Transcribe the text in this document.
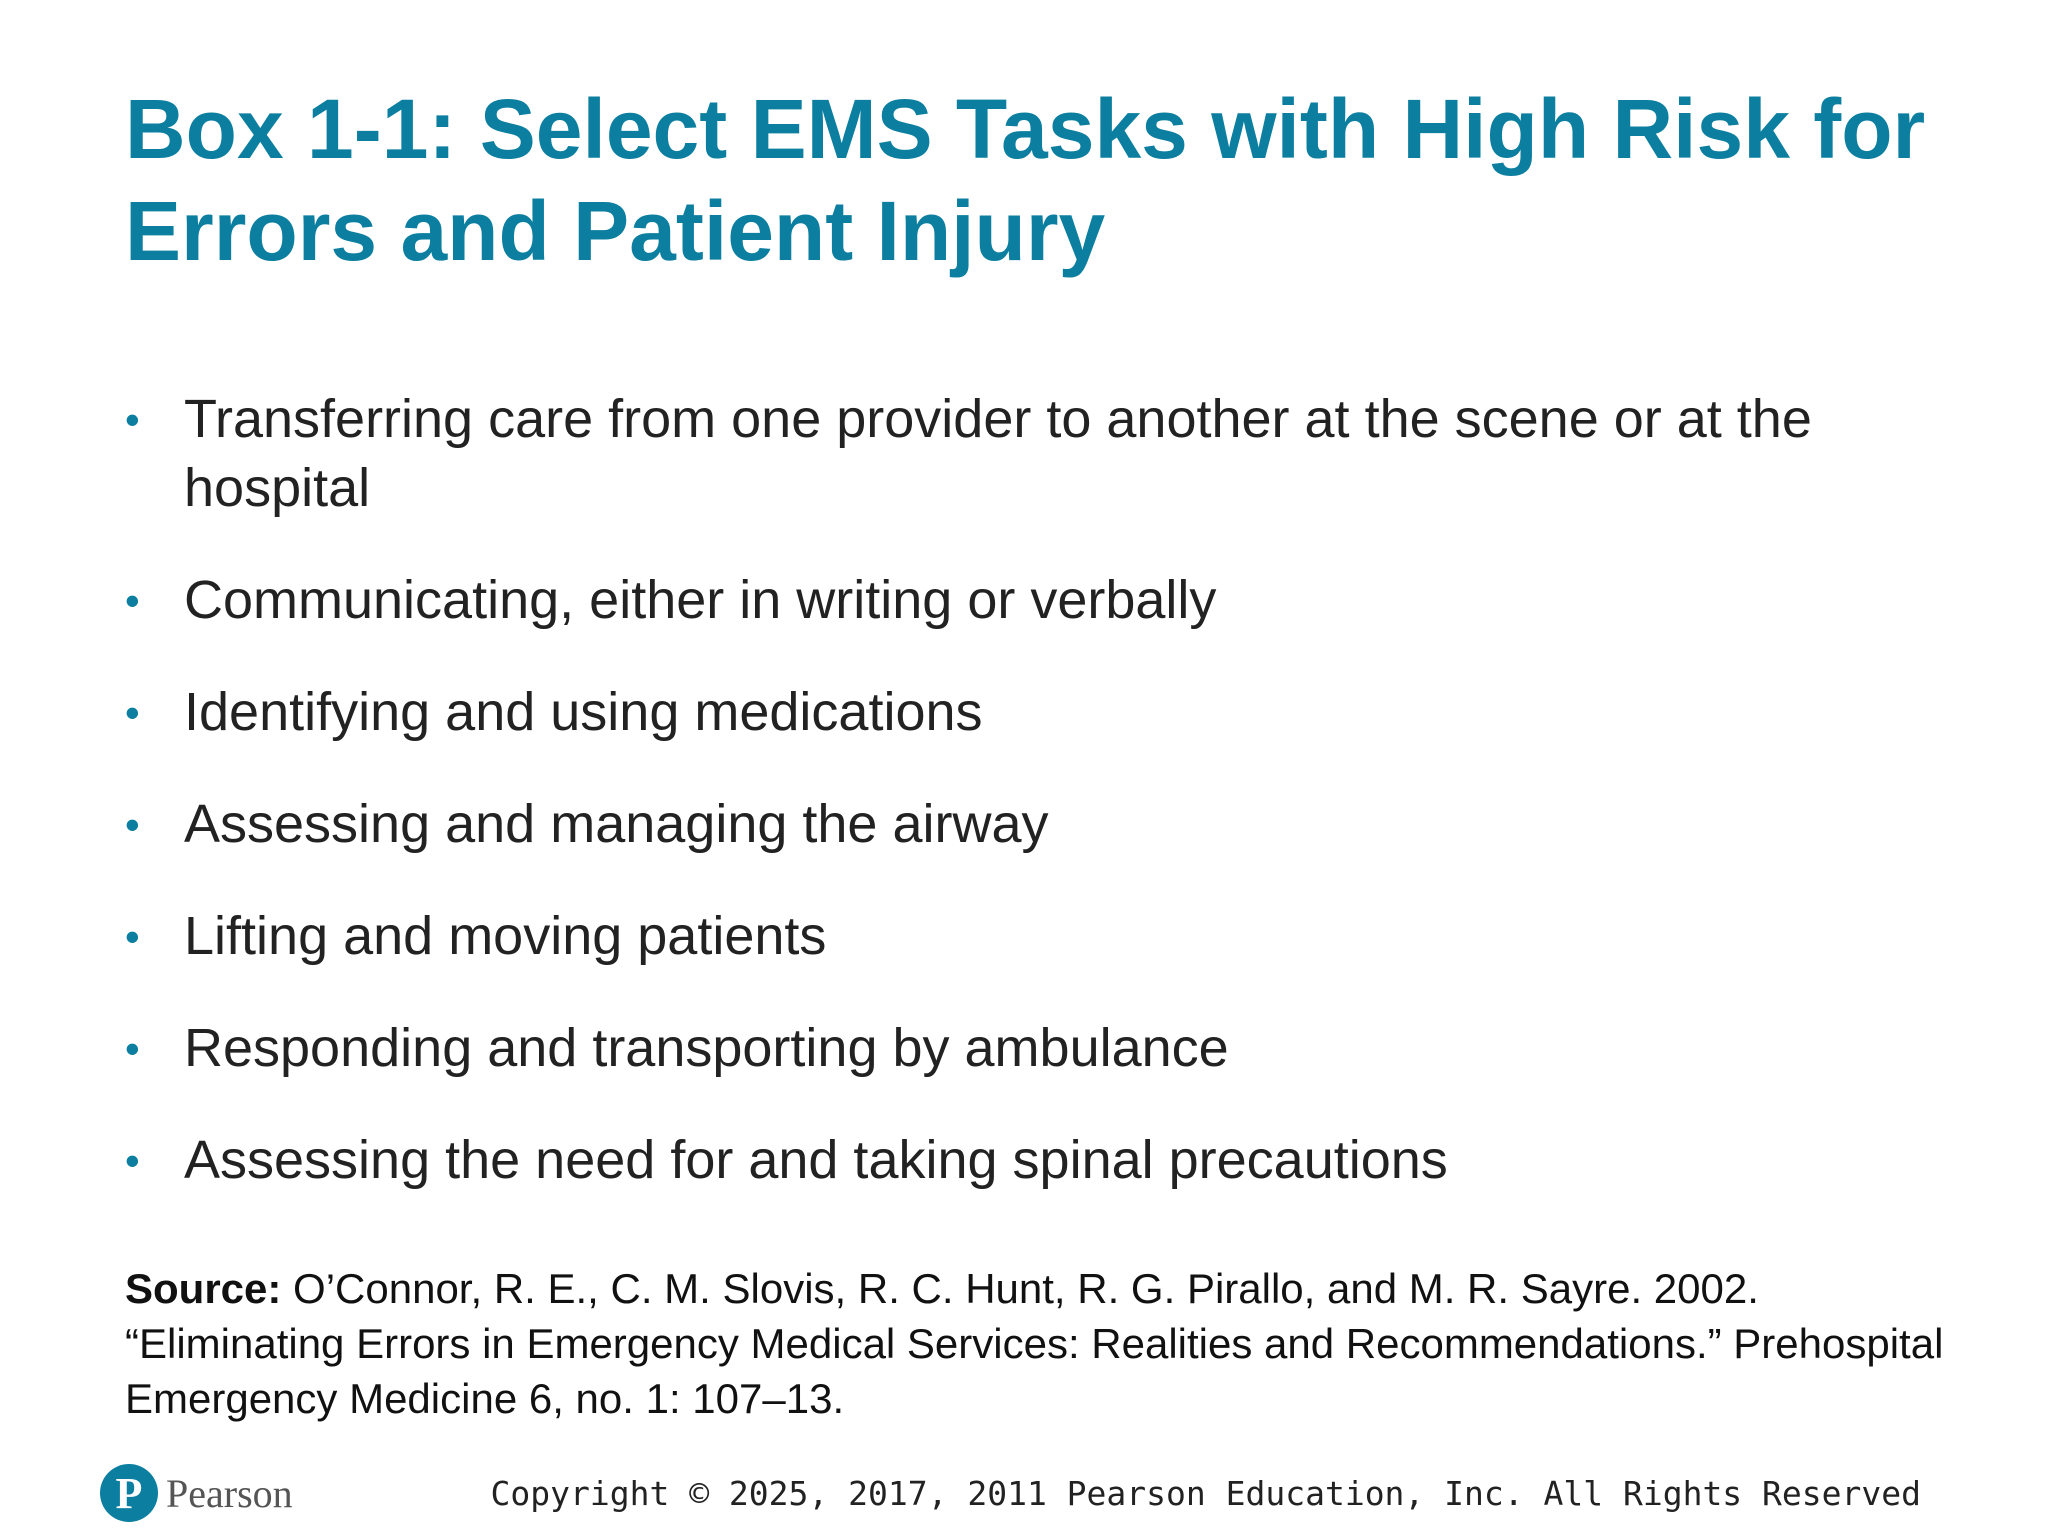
Box 1-1: Select EMS Tasks with High Risk for Errors and Patient Injury
• Transferring care from one provider to another at the scene or at the hospital
• Communicating, either in writing or verbally
• Identifying and using medications
• Assessing and managing the airway
• Lifting and moving patients
• Responding and transporting by ambulance
• Assessing the need for and taking spinal precautions

Source: O’Connor, R. E., C. M. Slovis, R. C. Hunt, R. G. Pirallo, and M. R. Sayre. 2002. “Eliminating Errors in Emergency Medical Services: Realities and Recommendations.” Prehospital Emergency Medicine 6, no. 1: 107–13.

P Pearson	Copyright © 2025, 2017, 2011 Pearson Education, Inc. All Rights Reserved
